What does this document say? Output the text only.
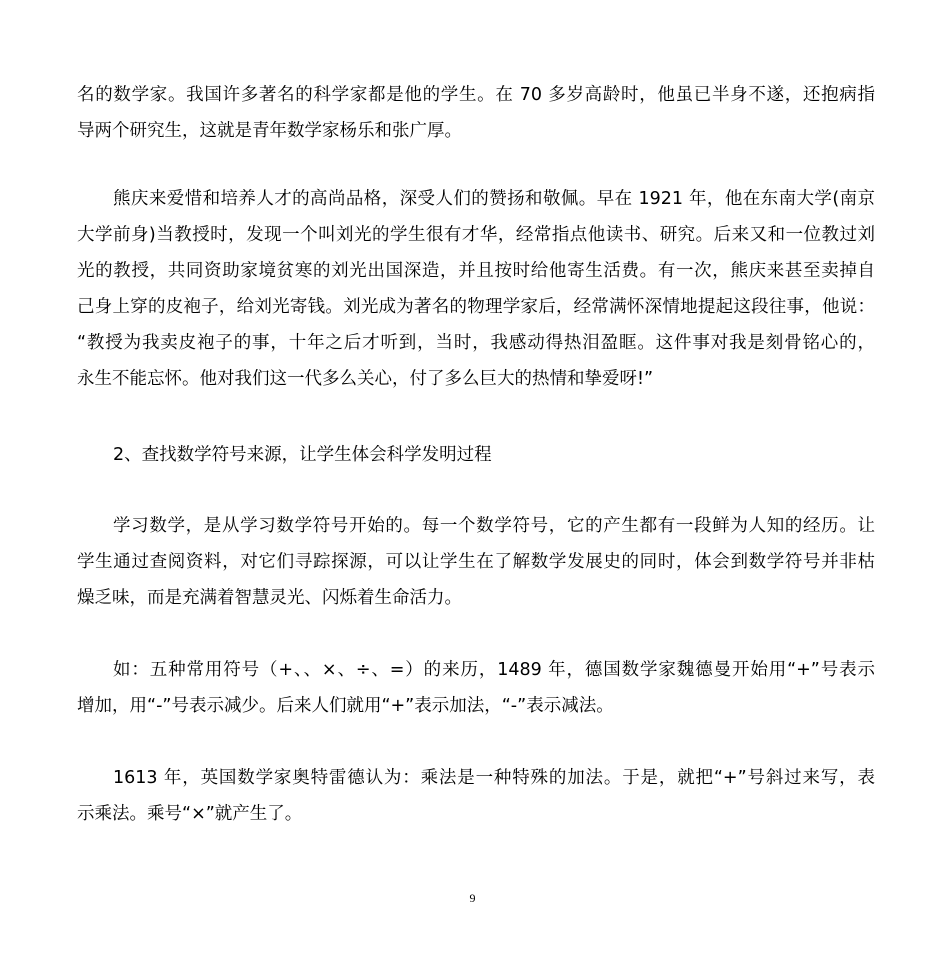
名的数学家。我国许多著名的科学家都是他的学生。在 70 多岁高龄时，他虽已半身不遂，还抱病指
导两个研究生，这就是青年数学家杨乐和张广厚。
熊庆来爱惜和培养人才的高尚品格，深受人们的赞扬和敬佩。早在 1921 年，他在东南大学(南京
大学前身)当教授时，发现一个叫刘光的学生很有才华，经常指点他读书、研究。后来又和一位教过刘
光的教授，共同资助家境贫寒的刘光出国深造，并且按时给他寄生活费。有一次，熊庆来甚至卖掉自
己身上穿的皮袍子，给刘光寄钱。刘光成为著名的物理学家后，经常满怀深情地提起这段往事，他说：
“教授为我卖皮袍子的事，十年之后才听到，当时，我感动得热泪盈眶。这件事对我是刻骨铭心的，
永生不能忘怀。他对我们这一代多么关心，付了多么巨大的热情和挚爱呀!”
2、查找数学符号来源，让学生体会科学发明过程
学习数学，是从学习数学符号开始的。每一个数学符号，它的产生都有一段鲜为人知的经历。让
学生通过查阅资料，对它们寻踪探源，可以让学生在了解数学发展史的同时，体会到数学符号并非枯
燥乏味，而是充满着智慧灵光、闪烁着生命活力。
如：五种常用符号（+、、×、÷、=）的来历，1489 年，德国数学家魏德曼开始用“+”号表示
增加，用“-”号表示减少。后来人们就用“+”表示加法，“-”表示减法。
1613 年，英国数学家奥特雷德认为：乘法是一种特殊的加法。于是，就把“+”号斜过来写，表
示乘法。乘号“×”就产生了。
9
